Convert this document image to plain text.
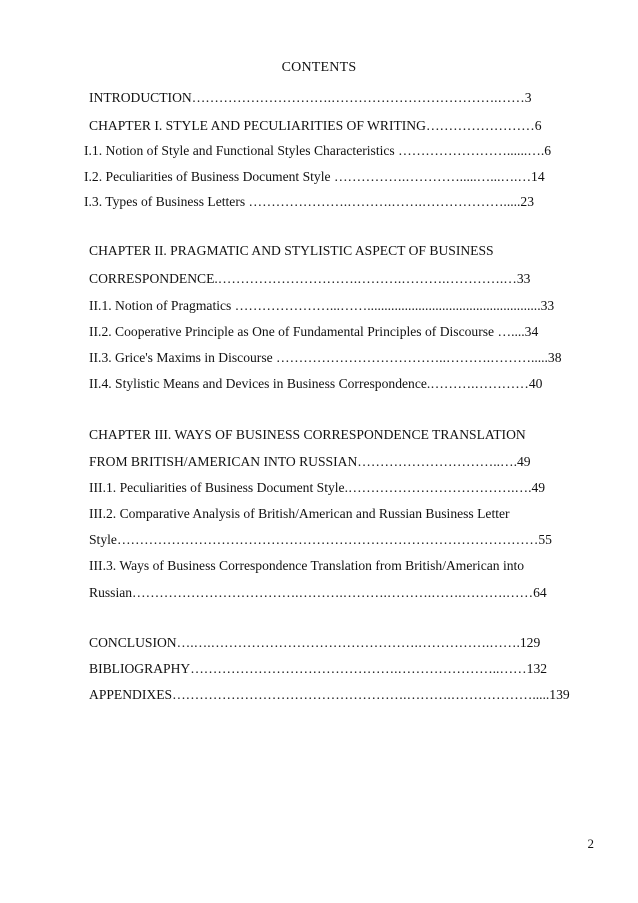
CONTENTS
INTRODUCTION………………………….……………………………….……3
CHAPTER I. STYLE AND PECULIARITIES OF WRITING……………………6
I.1. Notion of Style and Functional Styles Characteristics ……………………......….6
I.2. Peculiarities of Business Document Style …………….………….....…...….…14
I.3. Types of Business Letters ………………….……….…….……………….....23
CHAPTER II. PRAGMATIC AND STYLISTIC ASPECT OF BUSINESS
CORRESPONDENCE.………………………….……….……….………….…33
II.1. Notion of Pragmatics …………………...……...................................................33
II.2. Cooperative Principle as One of Fundamental Principles of Discourse …....34
II.3. Grice's Maxims in Discourse ………………………………..……….……….....38
II.4. Stylistic Means and Devices in Business Correspondence.……….…………40
CHAPTER III. WAYS OF BUSINESS CORRESPONDENCE TRANSLATION
FROM BRITISH/AMERICAN INTO RUSSIAN…………………………..….49
III.1. Peculiarities of Business Document Style.……………………………….….49
III.2. Comparative Analysis of British/American and Russian Business Letter
Style…………………………………………………………………………………55
III.3. Ways of Business Correspondence Translation from British/American into
Russian……………………………….……….……….……….…….……….……64
CONCLUSION….….……………………………………….…………….…….129
BIBLIOGRAPHY……………………………………….…………………..……132
APPENDIXES…………………………………………….……….……………….....139
2
